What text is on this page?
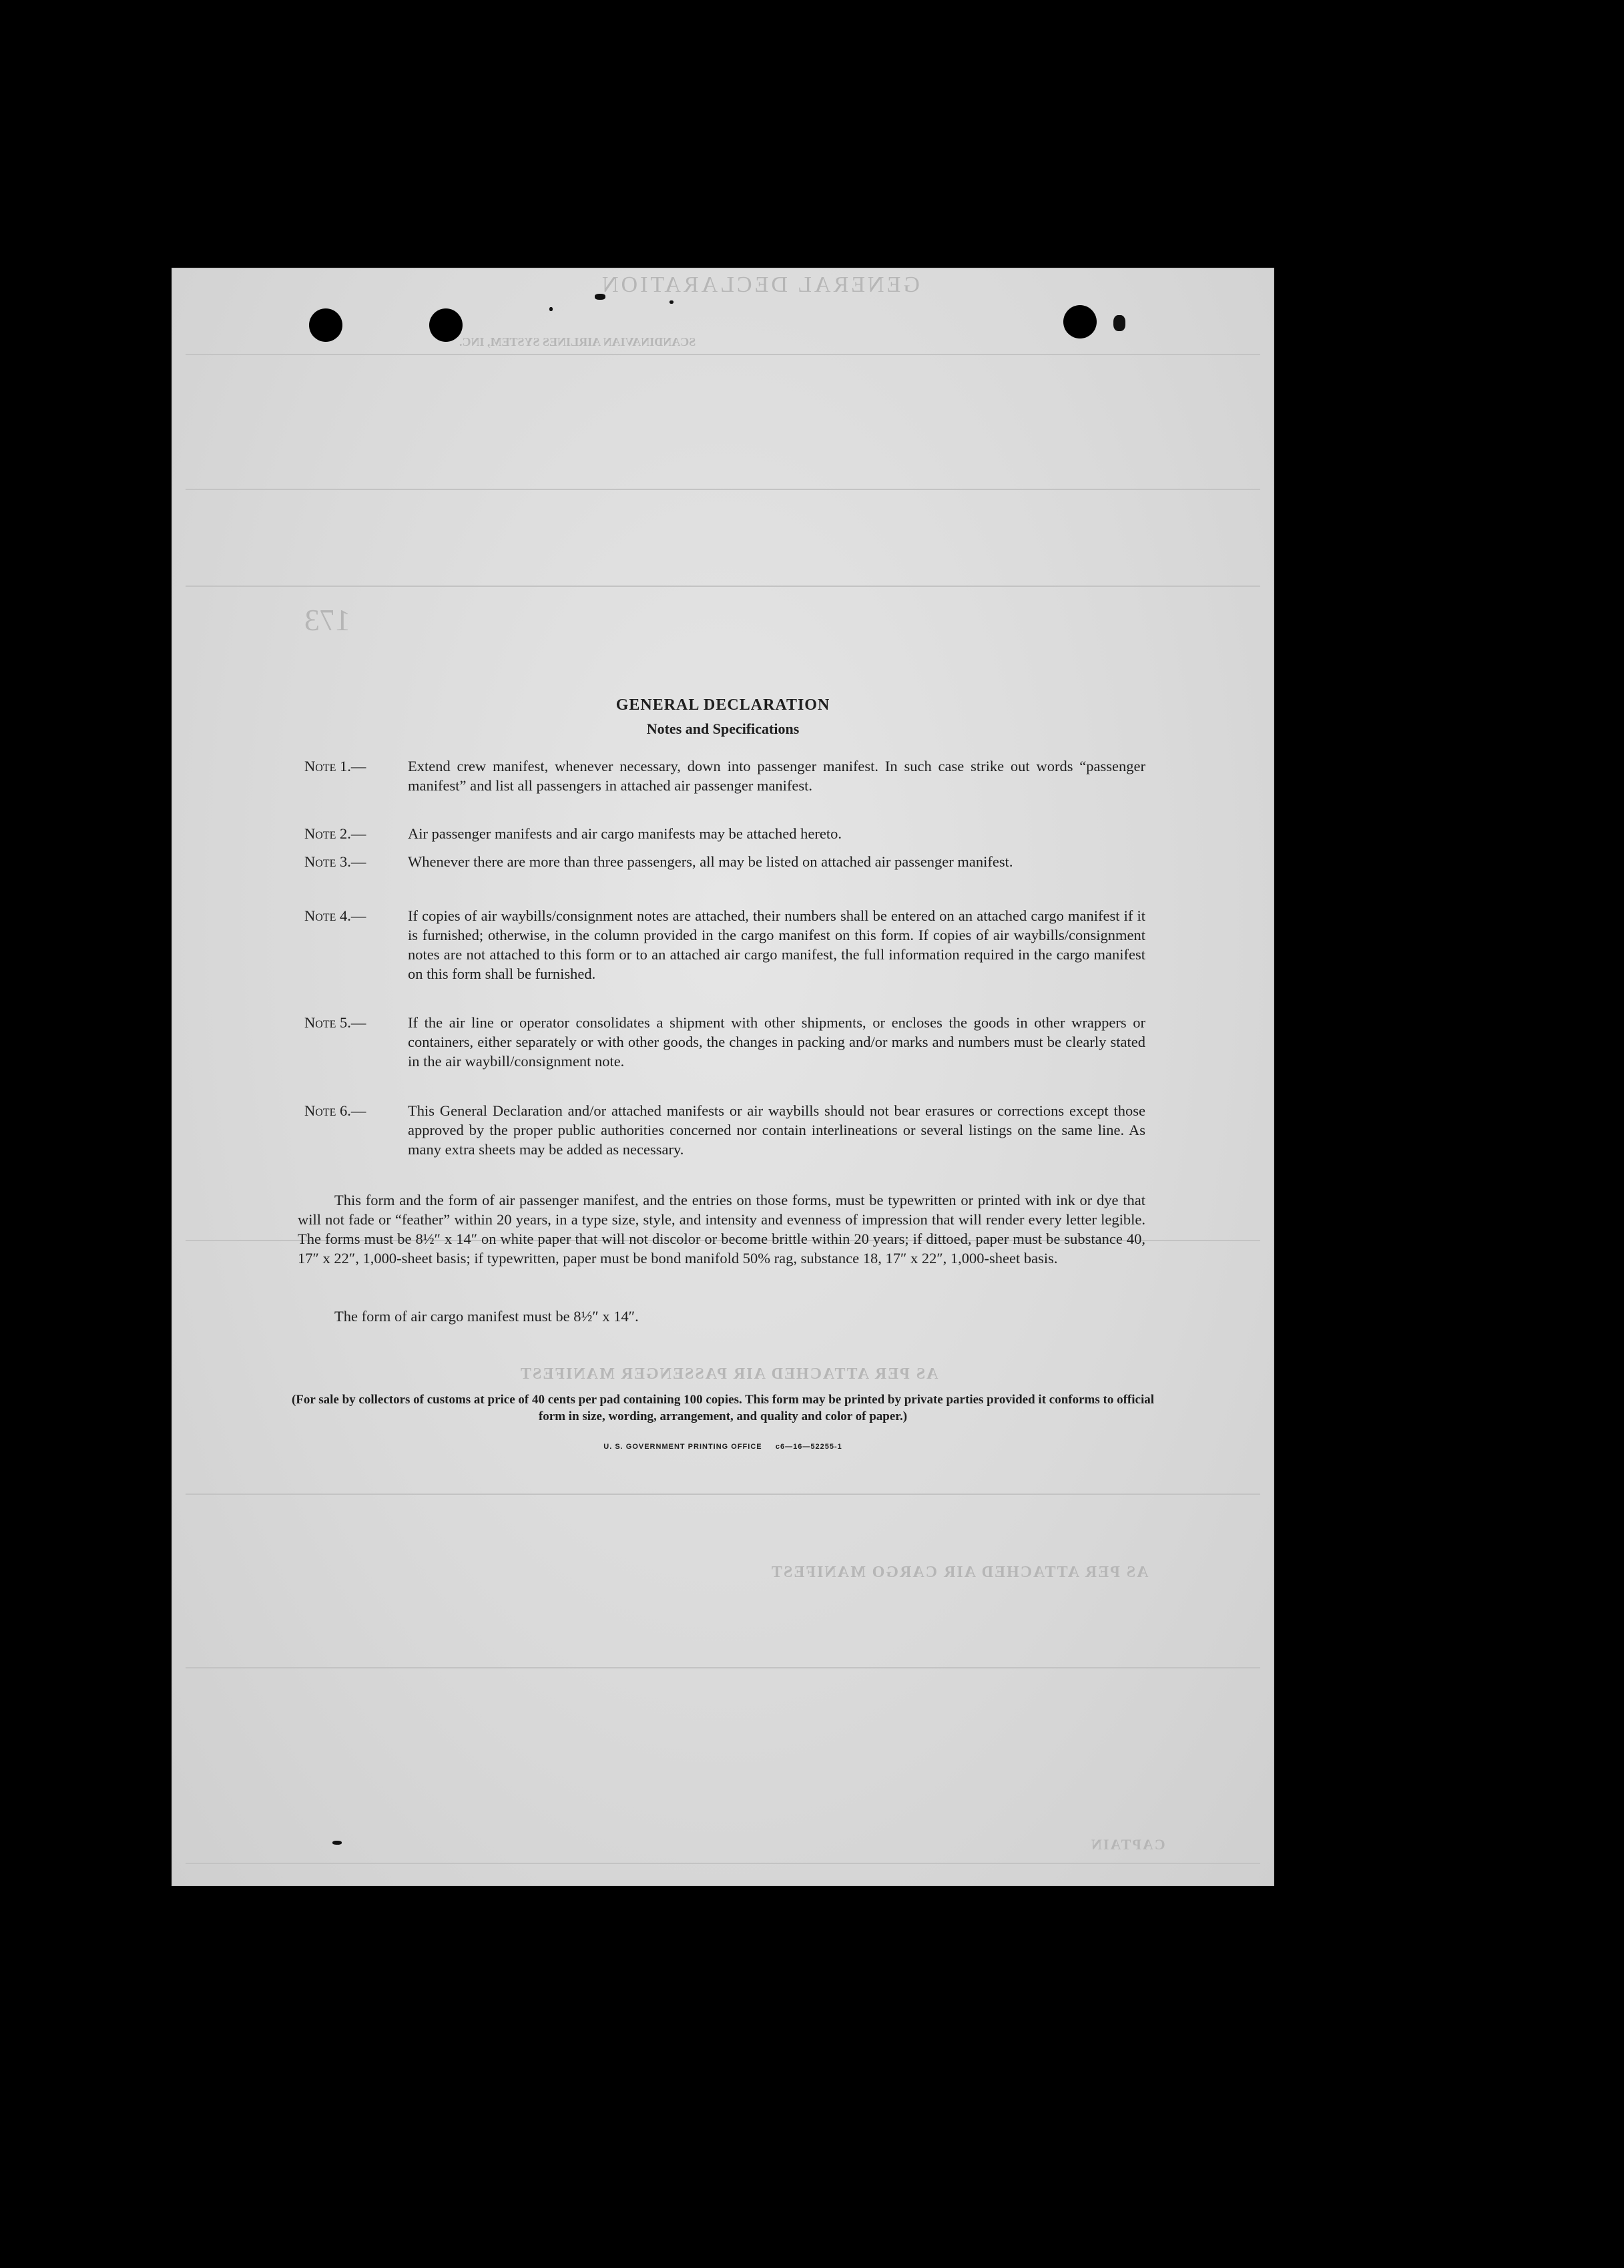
GENERAL DECLARATION
SCANDINAVIAN AIRLINES SYSTEM, INC.
173
AS PER ATTACHED AIR PASSENGER MANIFEST
AS PER ATTACHED AIR CARGO MANIFEST
CAPTAIN
GENERAL DECLARATION
Notes and Specifications
Note 1.—	Extend crew manifest, whenever necessary, down into passenger manifest. In such case strike out words “passenger manifest” and list all passengers in attached air passenger manifest.
Note 2.—	Air passenger manifests and air cargo manifests may be attached hereto.
Note 3.—	Whenever there are more than three passengers, all may be listed on attached air passenger manifest.
Note 4.—	If copies of air waybills/consignment notes are attached, their numbers shall be entered on an attached cargo manifest if it is furnished; otherwise, in the column provided in the cargo manifest on this form. If copies of air waybills/consignment notes are not attached to this form or to an attached air cargo manifest, the full information required in the cargo manifest on this form shall be furnished.
Note 5.—	If the air line or operator consolidates a shipment with other shipments, or encloses the goods in other wrappers or containers, either separately or with other goods, the changes in packing and/or marks and numbers must be clearly stated in the air waybill/consignment note.
Note 6.—	This General Declaration and/or attached manifests or air waybills should not bear erasures or corrections except those approved by the proper public authorities concerned nor contain interlineations or several listings on the same line. As many extra sheets may be added as necessary.
This form and the form of air passenger manifest, and the entries on those forms, must be typewritten or printed with ink or dye that will not fade or “feather” within 20 years, in a type size, style, and intensity and evenness of impression that will render every letter legible. The forms must be 8½″ x 14″ on white paper that will not discolor or become brittle within 20 years; if dittoed, paper must be substance 40, 17″ x 22″, 1,000-sheet basis; if typewritten, paper must be bond manifold 50% rag, substance 18, 17″ x 22″, 1,000-sheet basis.
The form of air cargo manifest must be 8½″ x 14″.
(For sale by collectors of customs at price of 40 cents per pad containing 100 copies. This form may be printed by private parties provided it conforms to official form in size, wording, arrangement, and quality and color of paper.)
U. S. GOVERNMENT PRINTING OFFICE     c6—16—52255-1
